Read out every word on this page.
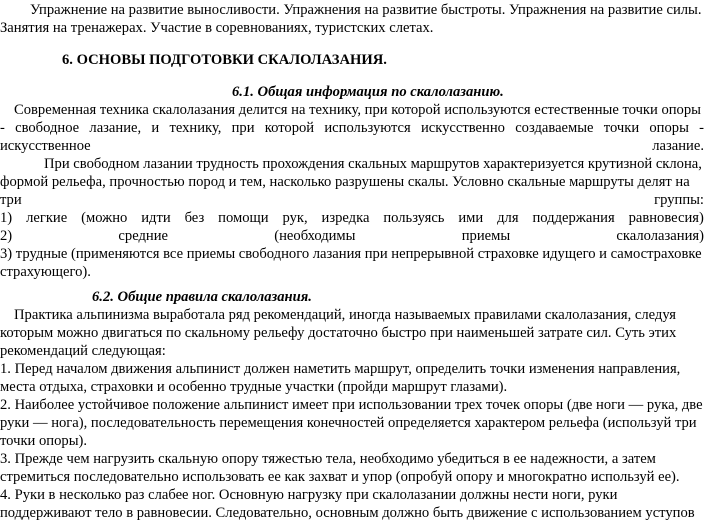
Упражнение на развитие выносливости. Упражнения на развитие быстроты. Упражнения на развитие силы.
Занятия на тренажерах. Участие в соревнованиях, туристских слетах.
6. ОСНОВЫ ПОДГОТОВКИ СКАЛОЛАЗАНИЯ.
6.1. Общая информация по скалолазанию.
Современная техника скалолазания делится на технику, при которой используются естественные точки опоры
- свободное лазание, и технику, при которой используются искусственно создаваемые точки опоры -
искусственное	лазание.
При свободном лазании трудность прохождения скальных маршрутов характеризуется крутизной склона,
формой рельефа, прочностью пород и тем, насколько разрушены скалы. Условно скальные маршруты делят на
три	группы:
1) легкие (можно идти без помощи рук, изредка пользуясь ими для поддержания равновесия)
2)	средние	(необходимы	приемы	скалолазания)
3) трудные (применяются все приемы свободного лазания при непрерывной страховке идущего и самостраховке
страхующего).
6.2. Общие правила скалолазания.
Практика альпинизма выработала ряд рекомендаций, иногда называемых правилами скалолазания, следуя
которым можно двигаться по скальному рельефу достаточно быстро при наименьшей затрате сил. Суть этих
рекомендаций следующая:
1. Перед началом движения альпинист должен наметить маршрут, определить точки изменения направления,
места отдыха, страховки и особенно трудные участки (пройди маршрут глазами).
2. Наиболее устойчивое положение альпинист имеет при использовании трех точек опоры (две ноги — рука, две
руки — нога), последовательность перемещения конечностей определяется характером рельефа (используй три
точки опоры).
3. Прежде чем нагрузить скальную опору тяжестью тела, необходимо убедиться в ее надежности, а затем
стремиться последовательно использовать ее как захват и упор (опробуй опору и многократно используй ее).
4. Руки в несколько раз слабее ног. Основную нагрузку при скалолазании должны нести ноги, руки
поддерживают тело в равновесии. Следовательно, основным должно быть движение с использованием уступов
